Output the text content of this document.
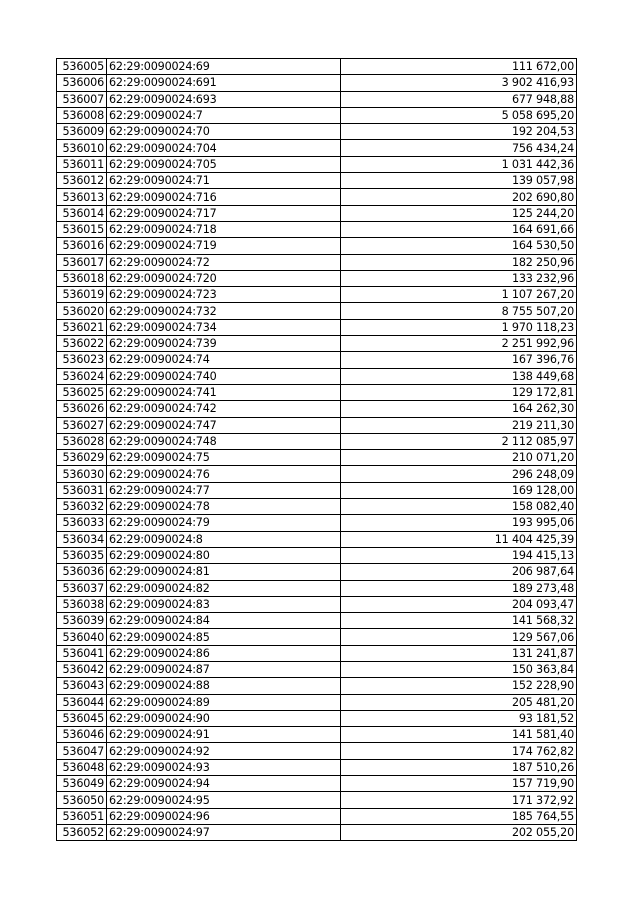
536005	62:29:0090024:69	111 672,00
536006	62:29:0090024:691	3 902 416,93
536007	62:29:0090024:693	677 948,88
536008	62:29:0090024:7	5 058 695,20
536009	62:29:0090024:70	192 204,53
536010	62:29:0090024:704	756 434,24
536011	62:29:0090024:705	1 031 442,36
536012	62:29:0090024:71	139 057,98
536013	62:29:0090024:716	202 690,80
536014	62:29:0090024:717	125 244,20
536015	62:29:0090024:718	164 691,66
536016	62:29:0090024:719	164 530,50
536017	62:29:0090024:72	182 250,96
536018	62:29:0090024:720	133 232,96
536019	62:29:0090024:723	1 107 267,20
536020	62:29:0090024:732	8 755 507,20
536021	62:29:0090024:734	1 970 118,23
536022	62:29:0090024:739	2 251 992,96
536023	62:29:0090024:74	167 396,76
536024	62:29:0090024:740	138 449,68
536025	62:29:0090024:741	129 172,81
536026	62:29:0090024:742	164 262,30
536027	62:29:0090024:747	219 211,30
536028	62:29:0090024:748	2 112 085,97
536029	62:29:0090024:75	210 071,20
536030	62:29:0090024:76	296 248,09
536031	62:29:0090024:77	169 128,00
536032	62:29:0090024:78	158 082,40
536033	62:29:0090024:79	193 995,06
536034	62:29:0090024:8	11 404 425,39
536035	62:29:0090024:80	194 415,13
536036	62:29:0090024:81	206 987,64
536037	62:29:0090024:82	189 273,48
536038	62:29:0090024:83	204 093,47
536039	62:29:0090024:84	141 568,32
536040	62:29:0090024:85	129 567,06
536041	62:29:0090024:86	131 241,87
536042	62:29:0090024:87	150 363,84
536043	62:29:0090024:88	152 228,90
536044	62:29:0090024:89	205 481,20
536045	62:29:0090024:90	93 181,52
536046	62:29:0090024:91	141 581,40
536047	62:29:0090024:92	174 762,82
536048	62:29:0090024:93	187 510,26
536049	62:29:0090024:94	157 719,90
536050	62:29:0090024:95	171 372,92
536051	62:29:0090024:96	185 764,55
536052	62:29:0090024:97	202 055,20
